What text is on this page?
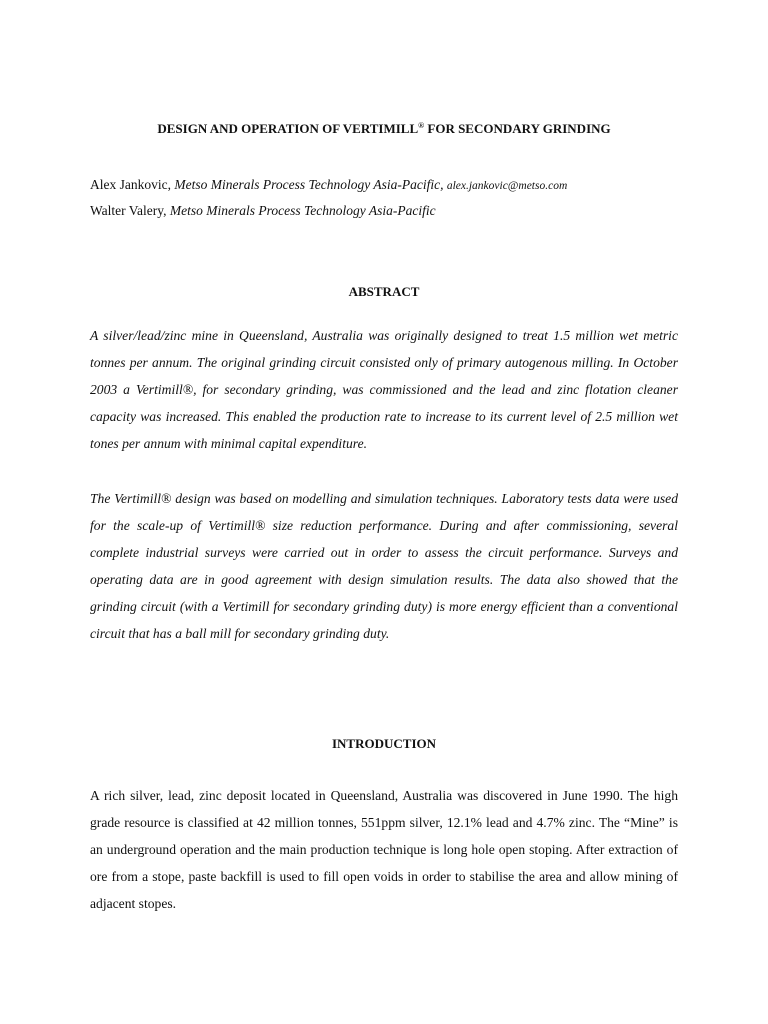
DESIGN AND OPERATION OF VERTIMILL® FOR SECONDARY GRINDING
Alex Jankovic, Metso Minerals Process Technology Asia-Pacific, alex.jankovic@metso.com
Walter Valery, Metso Minerals Process Technology Asia-Pacific
ABSTRACT

A silver/lead/zinc mine in Queensland, Australia was originally designed to treat 1.5 million wet metric tonnes per annum. The original grinding circuit consisted only of primary autogenous milling. In October 2003 a Vertimill®, for secondary grinding, was commissioned and the lead and zinc flotation cleaner capacity was increased. This enabled the production rate to increase to its current level of 2.5 million wet tones per annum with minimal capital expenditure.

The Vertimill® design was based on modelling and simulation techniques. Laboratory tests data were used for the scale-up of Vertimill® size reduction performance. During and after commissioning, several complete industrial surveys were carried out in order to assess the circuit performance. Surveys and operating data are in good agreement with design simulation results. The data also showed that the grinding circuit (with a Vertimill for secondary grinding duty) is more energy efficient than a conventional circuit that has a ball mill for secondary grinding duty.

INTRODUCTION

A rich silver, lead, zinc deposit located in Queensland, Australia was discovered in June 1990. The high grade resource is classified at 42 million tonnes, 551ppm silver, 12.1% lead and 4.7% zinc. The “Mine” is an underground operation and the main production technique is long hole open stoping. After extraction of ore from a stope, paste backfill is used to fill open voids in order to stabilise the area and allow mining of adjacent stopes.
